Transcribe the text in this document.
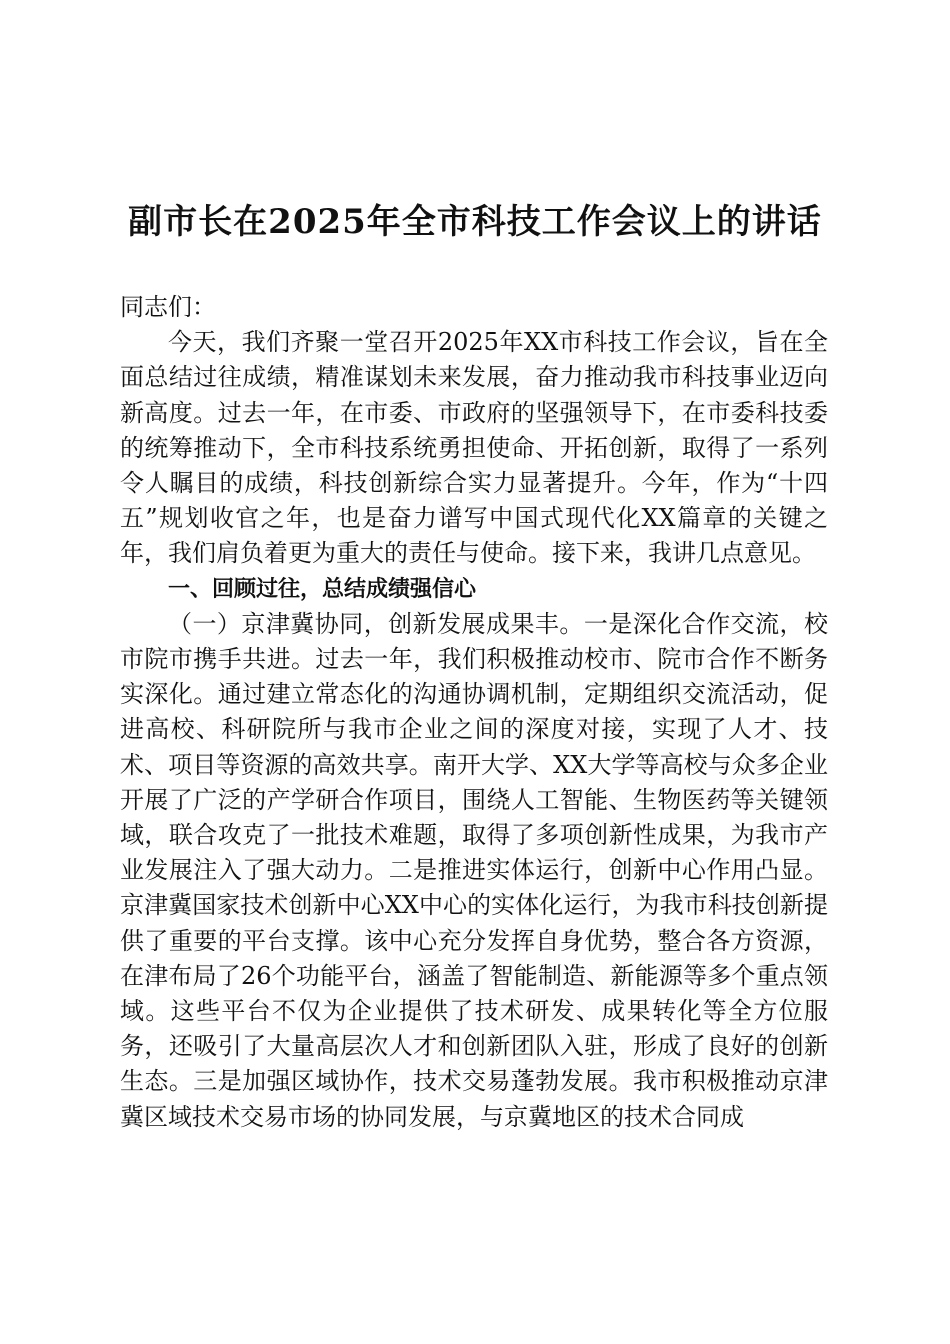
副市长在2025年全市科技工作会议上的讲话

同志们：

今天，我们齐聚一堂召开2025年XX市科技工作会议，旨在全面总结过往成绩，精准谋划未来发展，奋力推动我市科技事业迈向新高度。过去一年，在市委、市政府的坚强领导下，在市委科技委的统筹推动下，全市科技系统勇担使命、开拓创新，取得了一系列令人瞩目的成绩，科技创新综合实力显著提升。今年，作为“十四五”规划收官之年，也是奋力谱写中国式现代化XX篇章的关键之年，我们肩负着更为重大的责任与使命。接下来，我讲几点意见。

一、回顾过往，总结成绩强信心

（一）京津冀协同，创新发展成果丰。一是深化合作交流，校市院市携手共进。过去一年，我们积极推动校市、院市合作不断务实深化。通过建立常态化的沟通协调机制，定期组织交流活动，促进高校、科研院所与我市企业之间的深度对接，实现了人才、技术、项目等资源的高效共享。南开大学、XX大学等高校与众多企业开展了广泛的产学研合作项目，围绕人工智能、生物医药等关键领域，联合攻克了一批技术难题，取得了多项创新性成果，为我市产业发展注入了强大动力。二是推进实体运行，创新中心作用凸显。京津冀国家技术创新中心XX中心的实体化运行，为我市科技创新提供了重要的平台支撑。该中心充分发挥自身优势，整合各方资源，在津布局了26个功能平台，涵盖了智能制造、新能源等多个重点领域。这些平台不仅为企业提供了技术研发、成果转化等全方位服务，还吸引了大量高层次人才和创新团队入驻，形成了良好的创新生态。三是加强区域协作，技术交易蓬勃发展。我市积极推动京津冀区域技术交易市场的协同发展，与京冀地区的技术合同成
